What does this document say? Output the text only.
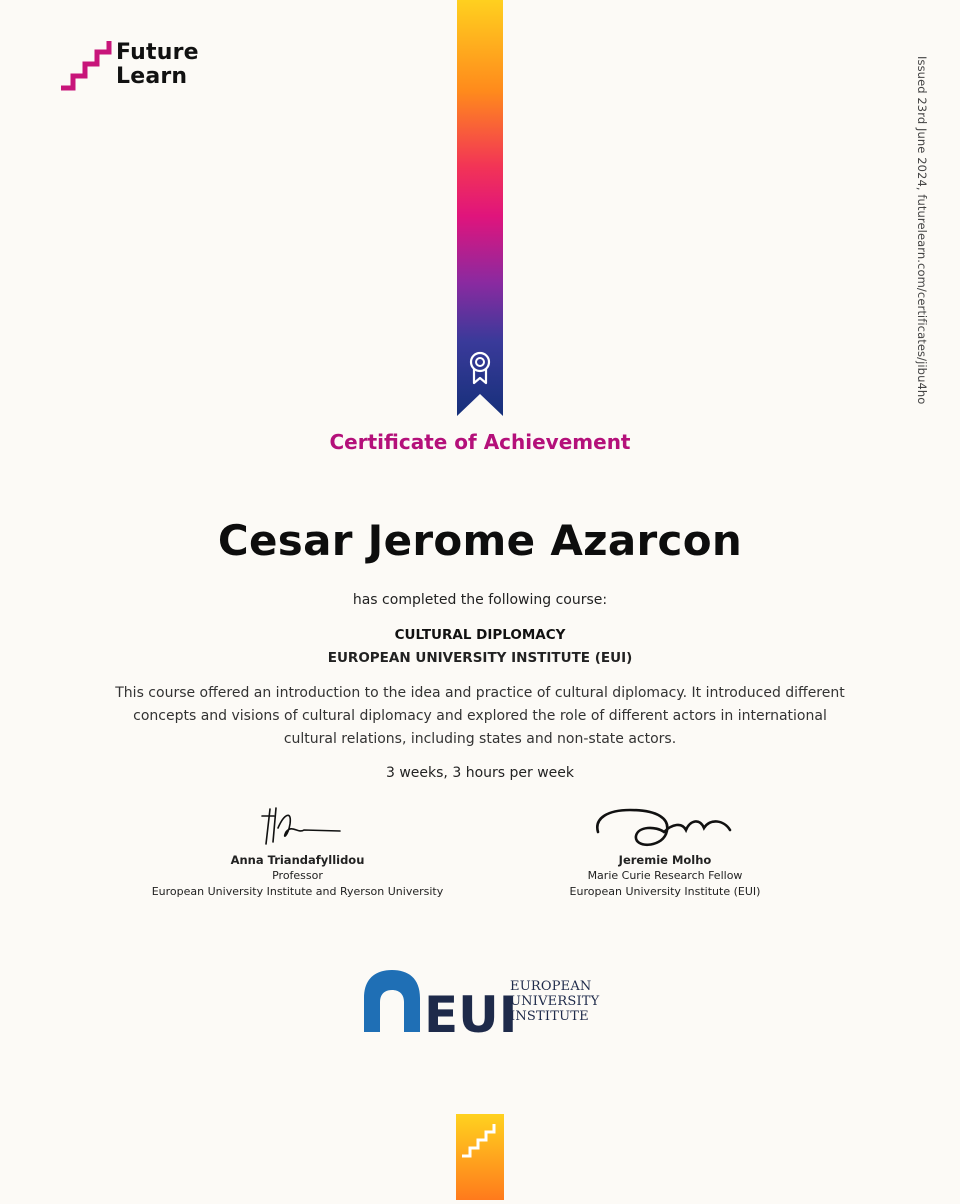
Future
Learn	Issued 23rd June 2024, futurelearn.com/certificates/jibu4ho
Certificate of Achievement
Cesar Jerome Azarcon
has completed the following course:
CULTURAL DIPLOMACY
EUROPEAN UNIVERSITY INSTITUTE (EUI)
This course offered an introduction to the idea and practice of cultural diplomacy. It introduced different concepts and visions of cultural diplomacy and explored the role of different actors in international cultural relations, including states and non-state actors.
3 weeks, 3 hours per week
Anna Triandafyllidou
Professor
European University Institute and Ryerson University
Jeremie Molho
Marie Curie Research Fellow
European University Institute (EUI)
EUI
EUROPEAN
UNIVERSITY
INSTITUTE
